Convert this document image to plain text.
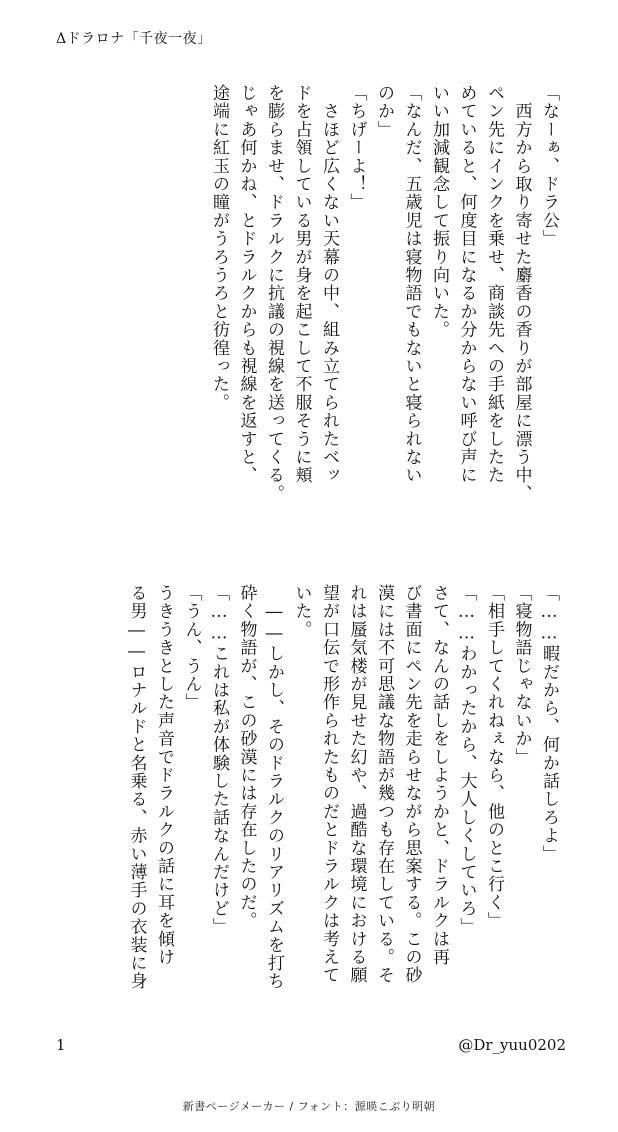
Δドラロナ「千夜一夜」
「なーぁ、ドラ公」
　西方から取り寄せた麝香の香りが部屋に漂う中、
ペン先にインクを乗せ、商談先への手紙をしたた
めていると、何度目になるか分からない呼び声に
いい加減観念して振り向いた。
「なんだ、五歳児は寝物語でもないと寝られない
のか」
「ちげーよ！」
　さほど広くない天幕の中、組み立てられたベッ
ドを占領している男が身を起こして不服そうに頬
を膨らませ、ドラルクに抗議の視線を送ってくる。
じゃあ何かね、とドラルクからも視線を返すと、
途端に紅玉の瞳がうろうろと彷徨った。
「……暇だから、何か話しろよ」
「寝物語じゃないか」
「相手してくれねぇなら、他のとこ行く」
「……わかったから、大人しくしていろ」
さて、なんの話しをしようかと、ドラルクは再
び書面にペン先を走らせながら思案する。この砂
漠には不可思議な物語が幾つも存在している。そ
れは蜃気楼が見せた幻や、過酷な環境における願
望が口伝で形作られたものだとドラルクは考えて
いた。
　――しかし、そのドラルクのリアリズムを打ち
砕く物語が、この砂漠には存在したのだ。
「……これは私が体験した話なんだけど」
「うん、うん」
うきうきとした声音でドラルクの話に耳を傾け
る男――ロナルドと名乗る、赤い薄手の衣装に身
1	@Dr_yuu0202
新書ページメーカー / フォント：源暎こぶり明朝
